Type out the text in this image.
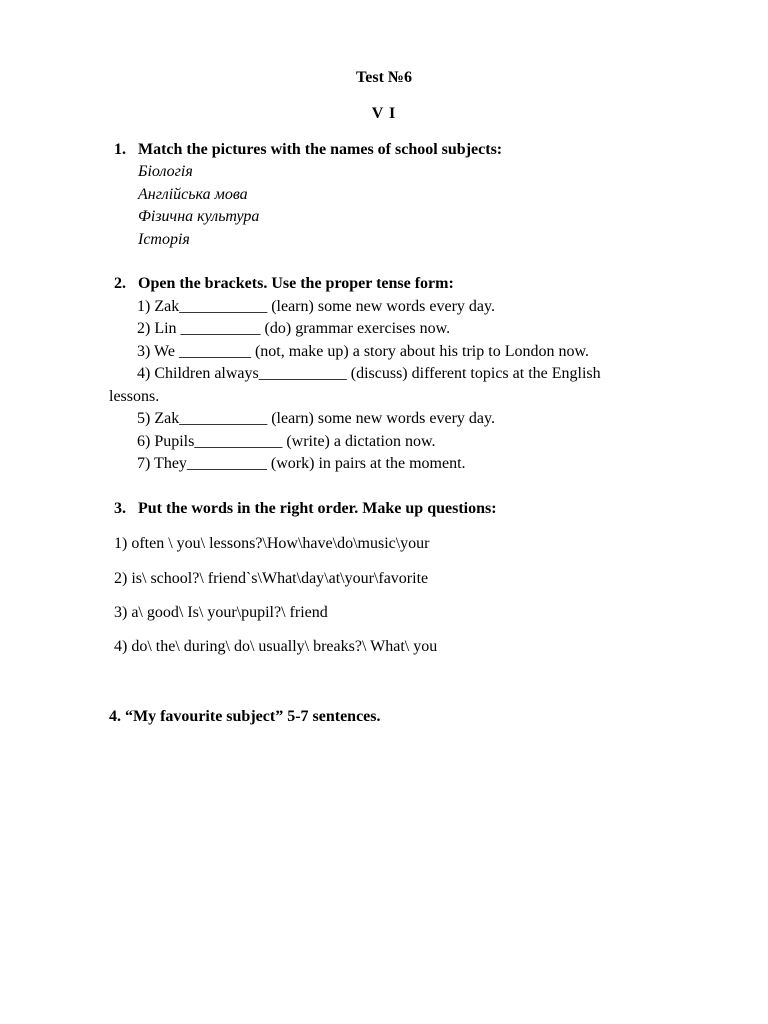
Test №6
V I
1. Match the pictures with the names of school subjects:
Біологія
Англійська мова
Фізична культура
Історія
2. Open the brackets. Use the proper tense form:
1) Zak___________ (learn) some new words every day.
2) Lin __________ (do) grammar exercises now.
3) We _________ (not, make up) a story about his trip to London now.
4) Children always___________ (discuss) different topics at the English
lessons.
5) Zak___________ (learn) some new words every day.
6) Pupils___________ (write) a dictation now.
7) They__________ (work) in pairs at the moment.
3. Put the words in the right order. Make up questions:
1) often \ you\ lessons?\How\have\do\music\your
2) is\ school?\ friend`s\What\day\at\your\favorite
3) a\ good\ Is\ your\pupil?\ friend
4) do\ the\ during\ do\ usually\ breaks?\ What\ you
4. “My favourite subject” 5-7 sentences.
